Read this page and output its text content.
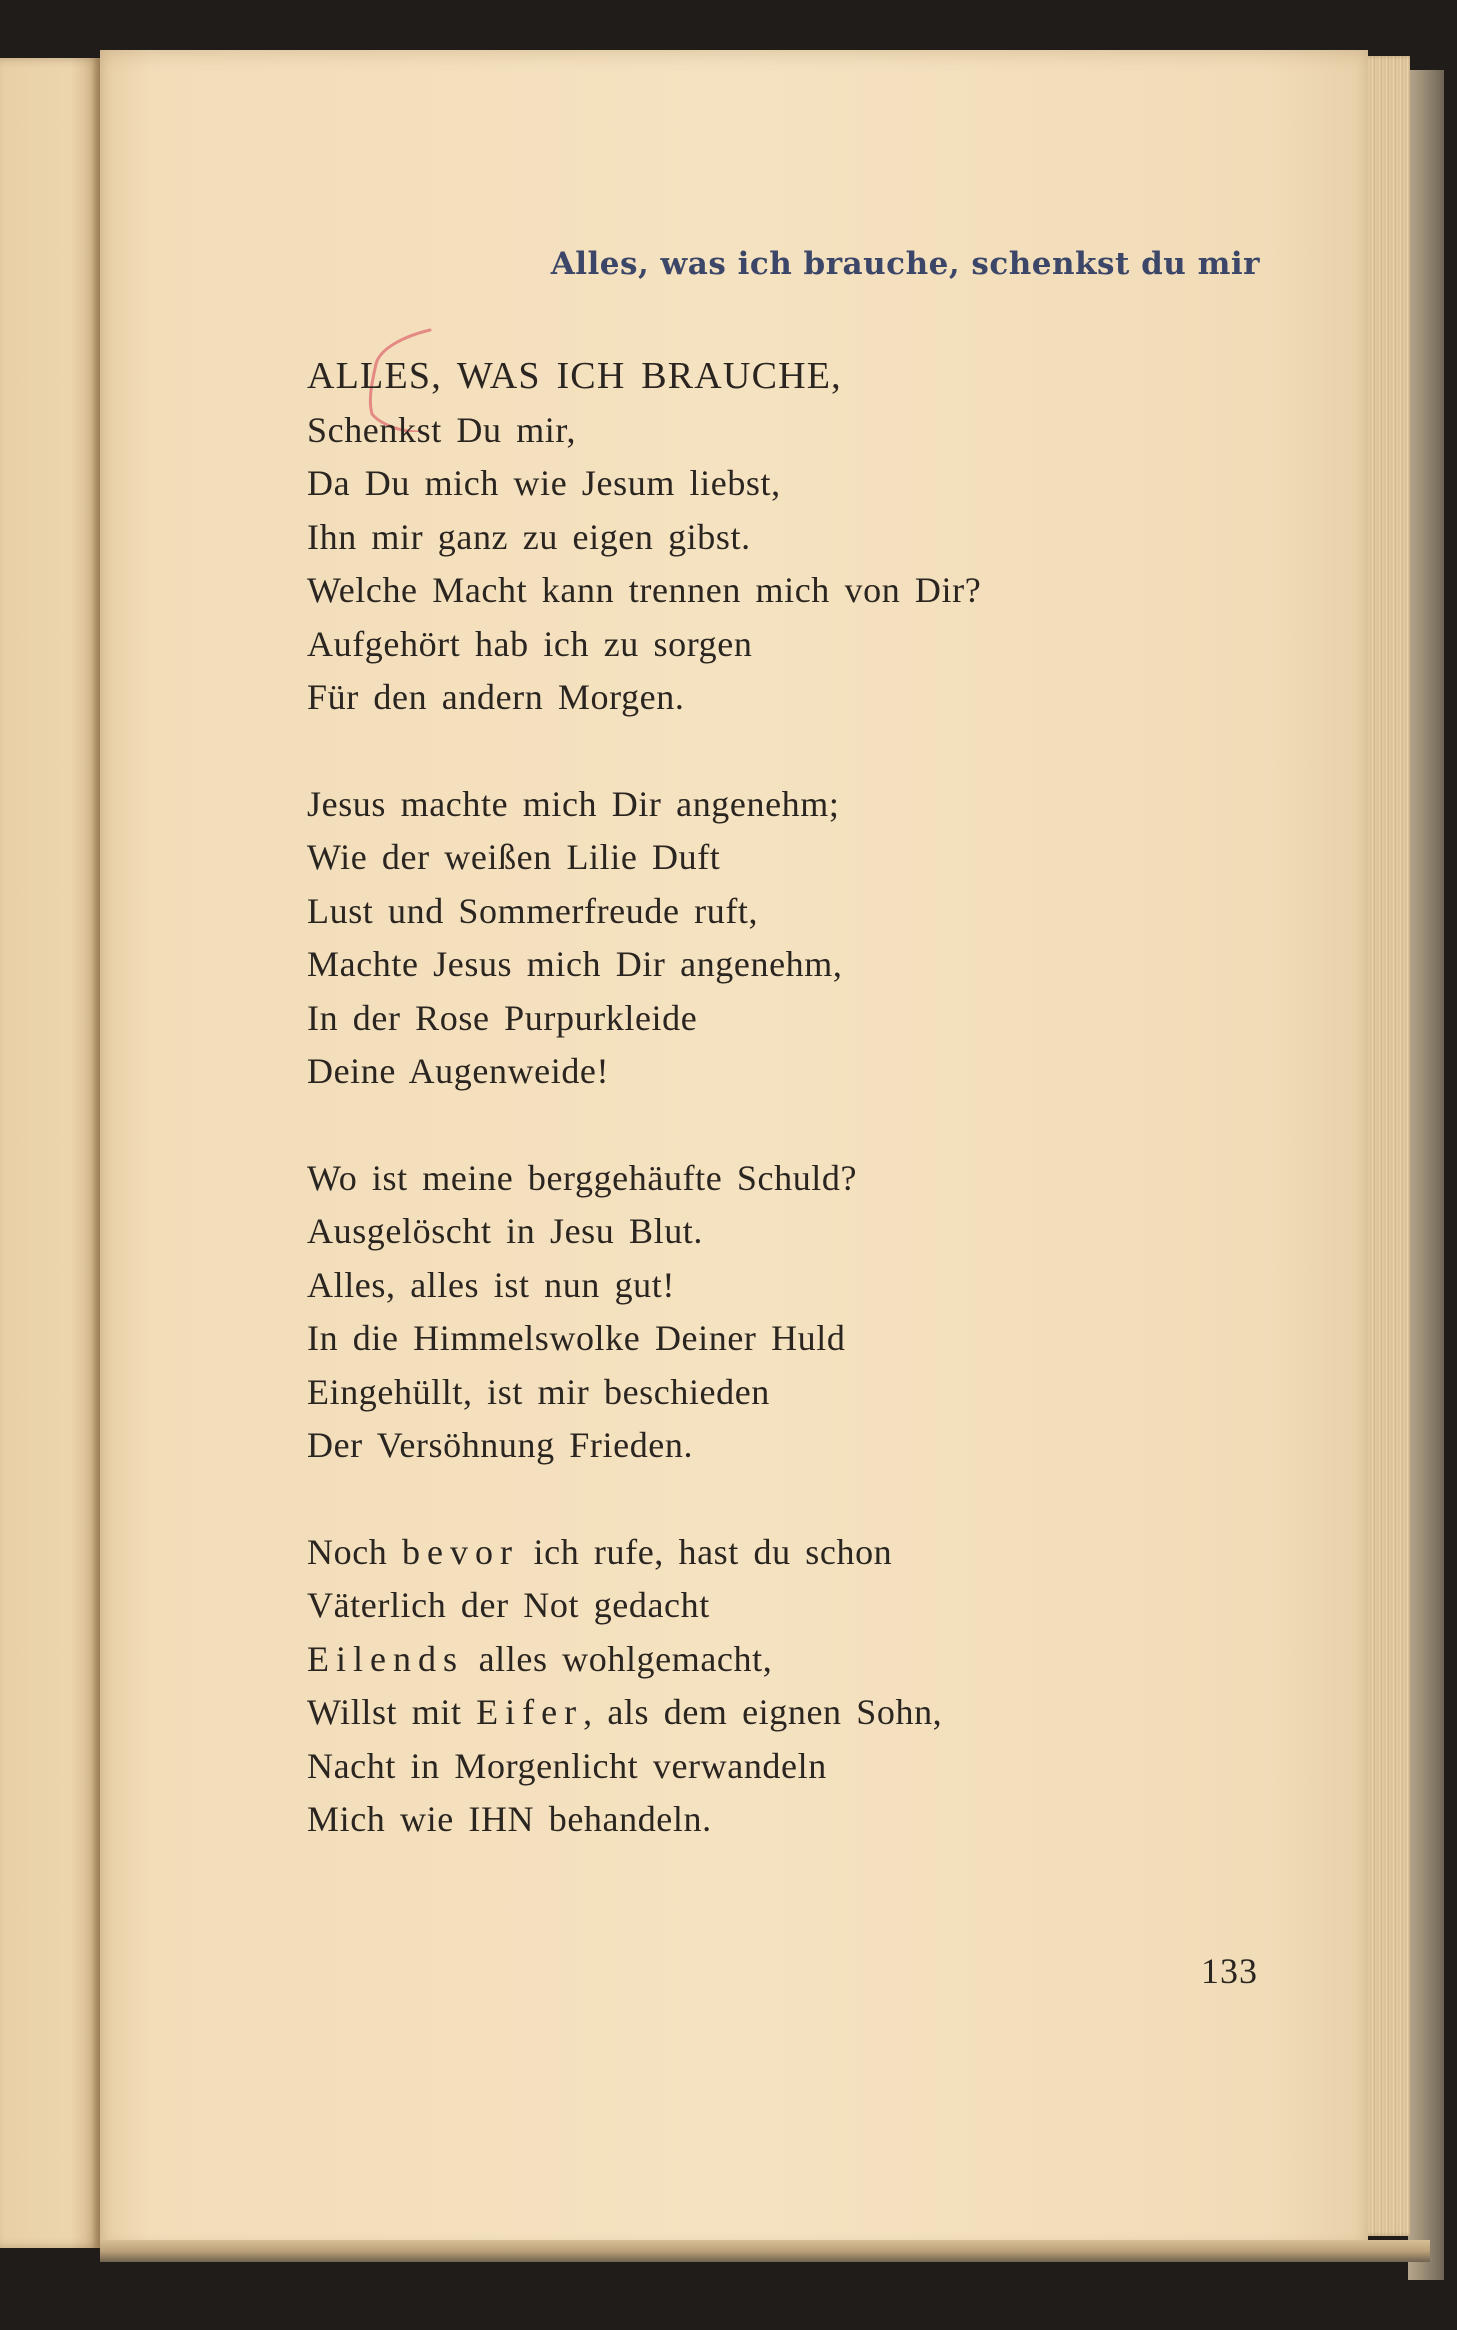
Alles, was ich brauche, schenkst du mir
ALLES, WAS ICH BRAUCHE,
Schenkst Du mir,
Da Du mich wie Jesum liebst,
Ihn mir ganz zu eigen gibst.
Welche Macht kann trennen mich von Dir?
Aufgehört hab ich zu sorgen
Für den andern Morgen.
Jesus machte mich Dir angenehm;
Wie der weißen Lilie Duft
Lust und Sommerfreude ruft,
Machte Jesus mich Dir angenehm,
In der Rose Purpurkleide
Deine Augenweide!
Wo ist meine berggehäufte Schuld?
Ausgelöscht in Jesu Blut.
Alles, alles ist nun gut!
In die Himmelswolke Deiner Huld
Eingehüllt, ist mir beschieden
Der Versöhnung Frieden.
Noch bevor ich rufe, hast du schon
Väterlich der Not gedacht
Eilends alles wohlgemacht,
Willst mit Eifer, als dem eignen Sohn,
Nacht in Morgenlicht verwandeln
Mich wie IHN behandeln.
133
